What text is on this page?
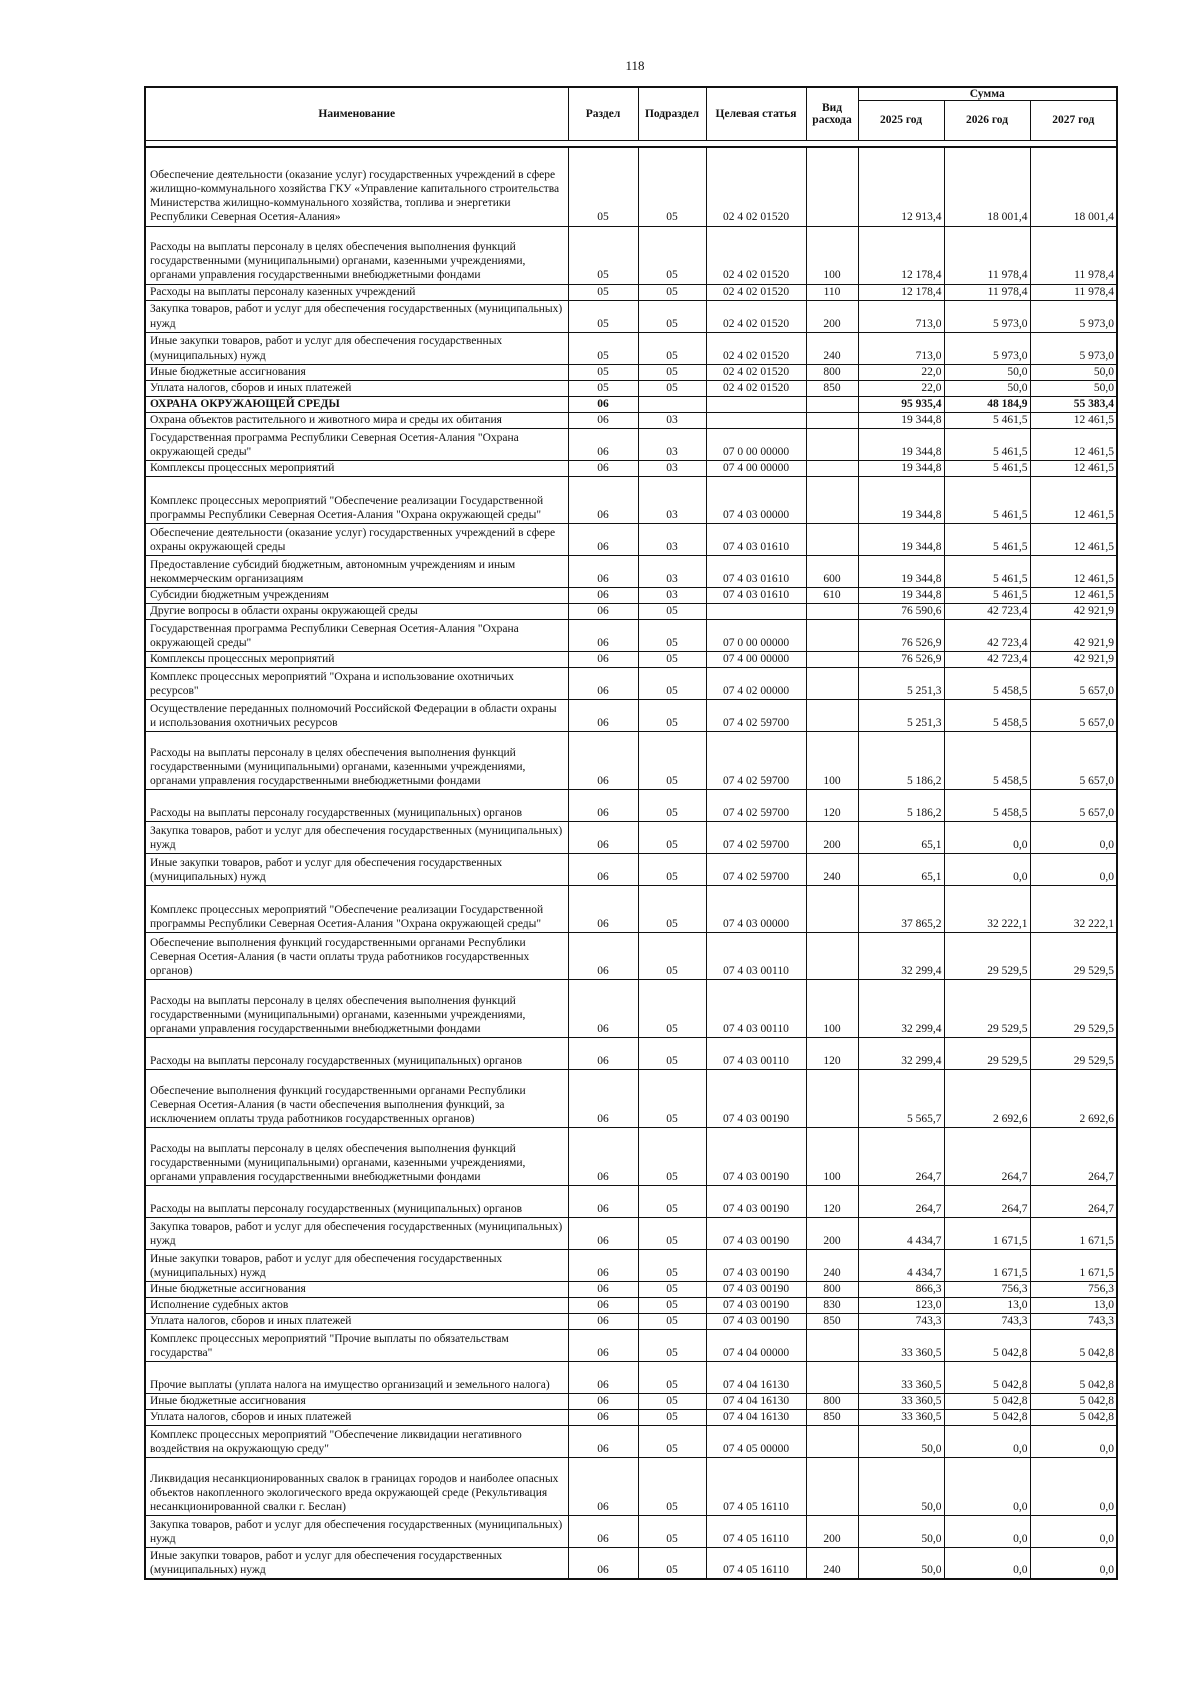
118
Наименование	Раздел	Подраздел	Целевая статья	Вид расхода	Сумма		
					2025 год	2026 год	2027 год

Обеспечение деятельности (оказание услуг) государственных учреждений в сфере жилищно-коммунального хозяйства ГКУ «Управление капитального строительства Министерства жилищно-коммунального хозяйства, топлива и энергетики Республики Северная Осетия-Алания»	05	05	02 4 02 01520		12 913,4	18 001,4	18 001,4
Расходы на выплаты персоналу в целях обеспечения выполнения функций государственными (муниципальными) органами, казенными учреждениями, органами управления государственными внебюджетными фондами	05	05	02 4 02 01520	100	12 178,4	11 978,4	11 978,4
Расходы на выплаты персоналу казенных учреждений	05	05	02 4 02 01520	110	12 178,4	11 978,4	11 978,4
Закупка товаров, работ и услуг для обеспечения государственных (муниципальных) нужд	05	05	02 4 02 01520	200	713,0	5 973,0	5 973,0
Иные закупки товаров, работ и услуг для обеспечения государственных (муниципальных) нужд	05	05	02 4 02 01520	240	713,0	5 973,0	5 973,0
Иные бюджетные ассигнования	05	05	02 4 02 01520	800	22,0	50,0	50,0
Уплата налогов, сборов и иных платежей	05	05	02 4 02 01520	850	22,0	50,0	50,0
ОХРАНА ОКРУЖАЮЩЕЙ СРЕДЫ	06				95 935,4	48 184,9	55 383,4
Охрана объектов растительного и животного мира и среды их обитания	06	03			19 344,8	5 461,5	12 461,5
Государственная программа Республики Северная Осетия-Алания "Охрана окружающей среды"	06	03	07 0 00 00000		19 344,8	5 461,5	12 461,5
Комплексы процессных мероприятий	06	03	07 4 00 00000		19 344,8	5 461,5	12 461,5
Комплекс процессных мероприятий "Обеспечение реализации Государственной программы Республики Северная Осетия-Алания "Охрана окружающей среды"	06	03	07 4 03 00000		19 344,8	5 461,5	12 461,5
Обеспечение деятельности (оказание услуг) государственных учреждений в сфере охраны окружающей среды	06	03	07 4 03 01610		19 344,8	5 461,5	12 461,5
Предоставление субсидий бюджетным, автономным учреждениям и иным некоммерческим организациям	06	03	07 4 03 01610	600	19 344,8	5 461,5	12 461,5
Субсидии бюджетным учреждениям	06	03	07 4 03 01610	610	19 344,8	5 461,5	12 461,5
Другие вопросы в области охраны окружающей среды	06	05			76 590,6	42 723,4	42 921,9
Государственная программа Республики Северная Осетия-Алания "Охрана окружающей среды"	06	05	07 0 00 00000		76 526,9	42 723,4	42 921,9
Комплексы процессных мероприятий	06	05	07 4 00 00000		76 526,9	42 723,4	42 921,9
Комплекс процессных мероприятий "Охрана и использование охотничьих ресурсов"	06	05	07 4 02 00000		5 251,3	5 458,5	5 657,0
Осуществление переданных полномочий Российской Федерации в области охраны и использования охотничьих ресурсов	06	05	07 4 02 59700		5 251,3	5 458,5	5 657,0
Расходы на выплаты персоналу в целях обеспечения выполнения функций государственными (муниципальными) органами, казенными учреждениями, органами управления государственными внебюджетными фондами	06	05	07 4 02 59700	100	5 186,2	5 458,5	5 657,0
Расходы на выплаты персоналу государственных (муниципальных) органов	06	05	07 4 02 59700	120	5 186,2	5 458,5	5 657,0
Закупка товаров, работ и услуг для обеспечения государственных (муниципальных) нужд	06	05	07 4 02 59700	200	65,1	0,0	0,0
Иные закупки товаров, работ и услуг для обеспечения государственных (муниципальных) нужд	06	05	07 4 02 59700	240	65,1	0,0	0,0
Комплекс процессных мероприятий "Обеспечение реализации Государственной программы Республики Северная Осетия-Алания "Охрана окружающей среды"	06	05	07 4 03 00000		37 865,2	32 222,1	32 222,1
Обеспечение выполнения функций государственными органами Республики Северная Осетия-Алания (в части оплаты труда работников государственных органов)	06	05	07 4 03 00110		32 299,4	29 529,5	29 529,5
Расходы на выплаты персоналу в целях обеспечения выполнения функций государственными (муниципальными) органами, казенными учреждениями, органами управления государственными внебюджетными фондами	06	05	07 4 03 00110	100	32 299,4	29 529,5	29 529,5
Расходы на выплаты персоналу государственных (муниципальных) органов	06	05	07 4 03 00110	120	32 299,4	29 529,5	29 529,5
Обеспечение выполнения функций государственными органами Республики Северная Осетия-Алания (в части обеспечения выполнения функций, за исключением оплаты труда работников государственных органов)	06	05	07 4 03 00190		5 565,7	2 692,6	2 692,6
Расходы на выплаты персоналу в целях обеспечения выполнения функций государственными (муниципальными) органами, казенными учреждениями, органами управления государственными внебюджетными фондами	06	05	07 4 03 00190	100	264,7	264,7	264,7
Расходы на выплаты персоналу государственных (муниципальных) органов	06	05	07 4 03 00190	120	264,7	264,7	264,7
Закупка товаров, работ и услуг для обеспечения государственных (муниципальных) нужд	06	05	07 4 03 00190	200	4 434,7	1 671,5	1 671,5
Иные закупки товаров, работ и услуг для обеспечения государственных (муниципальных) нужд	06	05	07 4 03 00190	240	4 434,7	1 671,5	1 671,5
Иные бюджетные ассигнования	06	05	07 4 03 00190	800	866,3	756,3	756,3
Исполнение судебных актов	06	05	07 4 03 00190	830	123,0	13,0	13,0
Уплата налогов, сборов и иных платежей	06	05	07 4 03 00190	850	743,3	743,3	743,3
Комплекс процессных мероприятий "Прочие выплаты по обязательствам государства"	06	05	07 4 04 00000		33 360,5	5 042,8	5 042,8
Прочие выплаты (уплата налога на имущество организаций и земельного налога)	06	05	07 4 04 16130		33 360,5	5 042,8	5 042,8
Иные бюджетные ассигнования	06	05	07 4 04 16130	800	33 360,5	5 042,8	5 042,8
Уплата налогов, сборов и иных платежей	06	05	07 4 04 16130	850	33 360,5	5 042,8	5 042,8
Комплекс процессных мероприятий "Обеспечение ликвидации негативного воздействия на окружающую среду"	06	05	07 4 05 00000		50,0	0,0	0,0
Ликвидация несанкционированных свалок в границах городов и наиболее опасных объектов накопленного экологического вреда окружающей среде (Рекультивация несанкционированной свалки г. Беслан)	06	05	07 4 05 16110		50,0	0,0	0,0
Закупка товаров, работ и услуг для обеспечения государственных (муниципальных) нужд	06	05	07 4 05 16110	200	50,0	0,0	0,0
Иные закупки товаров, работ и услуг для обеспечения государственных (муниципальных) нужд	06	05	07 4 05 16110	240	50,0	0,0	0,0
